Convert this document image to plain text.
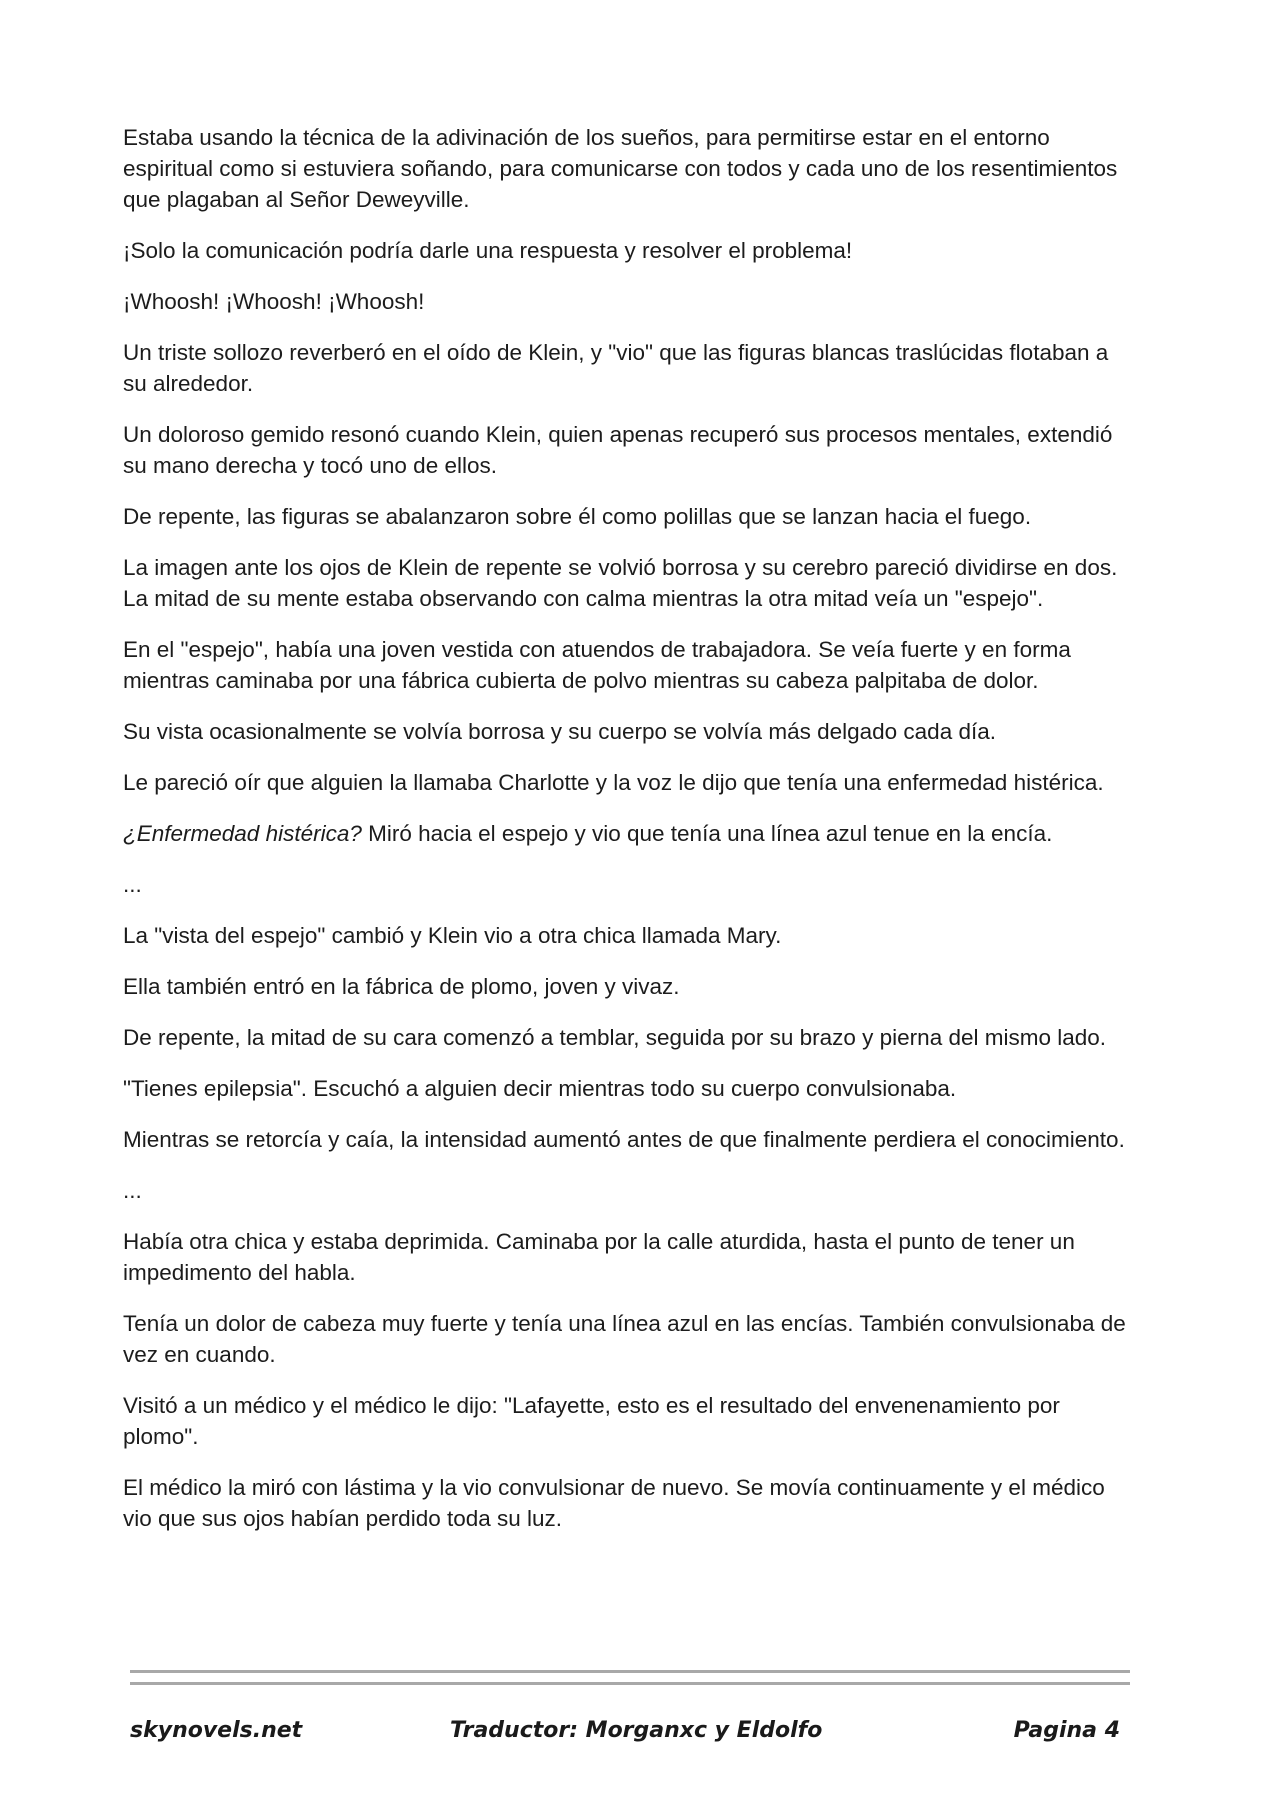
Estaba usando la técnica de la adivinación de los sueños, para permitirse estar en el entorno espiritual como si estuviera soñando, para comunicarse con todos y cada uno de los resentimientos que plagaban al Señor Deweyville.

¡Solo la comunicación podría darle una respuesta y resolver el problema!

¡Whoosh! ¡Whoosh! ¡Whoosh!

Un triste sollozo reverberó en el oído de Klein, y "vio" que las figuras blancas traslúcidas flotaban a su alrededor.

Un doloroso gemido resonó cuando Klein, quien apenas recuperó sus procesos mentales, extendió su mano derecha y tocó uno de ellos.

De repente, las figuras se abalanzaron sobre él como polillas que se lanzan hacia el fuego.

La imagen ante los ojos de Klein de repente se volvió borrosa y su cerebro pareció dividirse en dos. La mitad de su mente estaba observando con calma mientras la otra mitad veía un "espejo".

En el "espejo", había una joven vestida con atuendos de trabajadora. Se veía fuerte y en forma mientras caminaba por una fábrica cubierta de polvo mientras su cabeza palpitaba de dolor.

Su vista ocasionalmente se volvía borrosa y su cuerpo se volvía más delgado cada día.

Le pareció oír que alguien la llamaba Charlotte y la voz le dijo que tenía una enfermedad histérica.

¿Enfermedad histérica? Miró hacia el espejo y vio que tenía una línea azul tenue en la encía.

...

La "vista del espejo" cambió y Klein vio a otra chica llamada Mary.

Ella también entró en la fábrica de plomo, joven y vivaz.

De repente, la mitad de su cara comenzó a temblar, seguida por su brazo y pierna del mismo lado.

"Tienes epilepsia". Escuchó a alguien decir mientras todo su cuerpo convulsionaba.

Mientras se retorcía y caía, la intensidad aumentó antes de que finalmente perdiera el conocimiento.

...

Había otra chica y estaba deprimida. Caminaba por la calle aturdida, hasta el punto de tener un impedimento del habla.

Tenía un dolor de cabeza muy fuerte y tenía una línea azul en las encías. También convulsionaba de vez en cuando.

Visitó a un médico y el médico le dijo: "Lafayette, esto es el resultado del envenenamiento por plomo".

El médico la miró con lástima y la vio convulsionar de nuevo. Se movía continuamente y el médico vio que sus ojos habían perdido toda su luz.

skynovels.net	Traductor: Morganxc y Eldolfo	Pagina 4
